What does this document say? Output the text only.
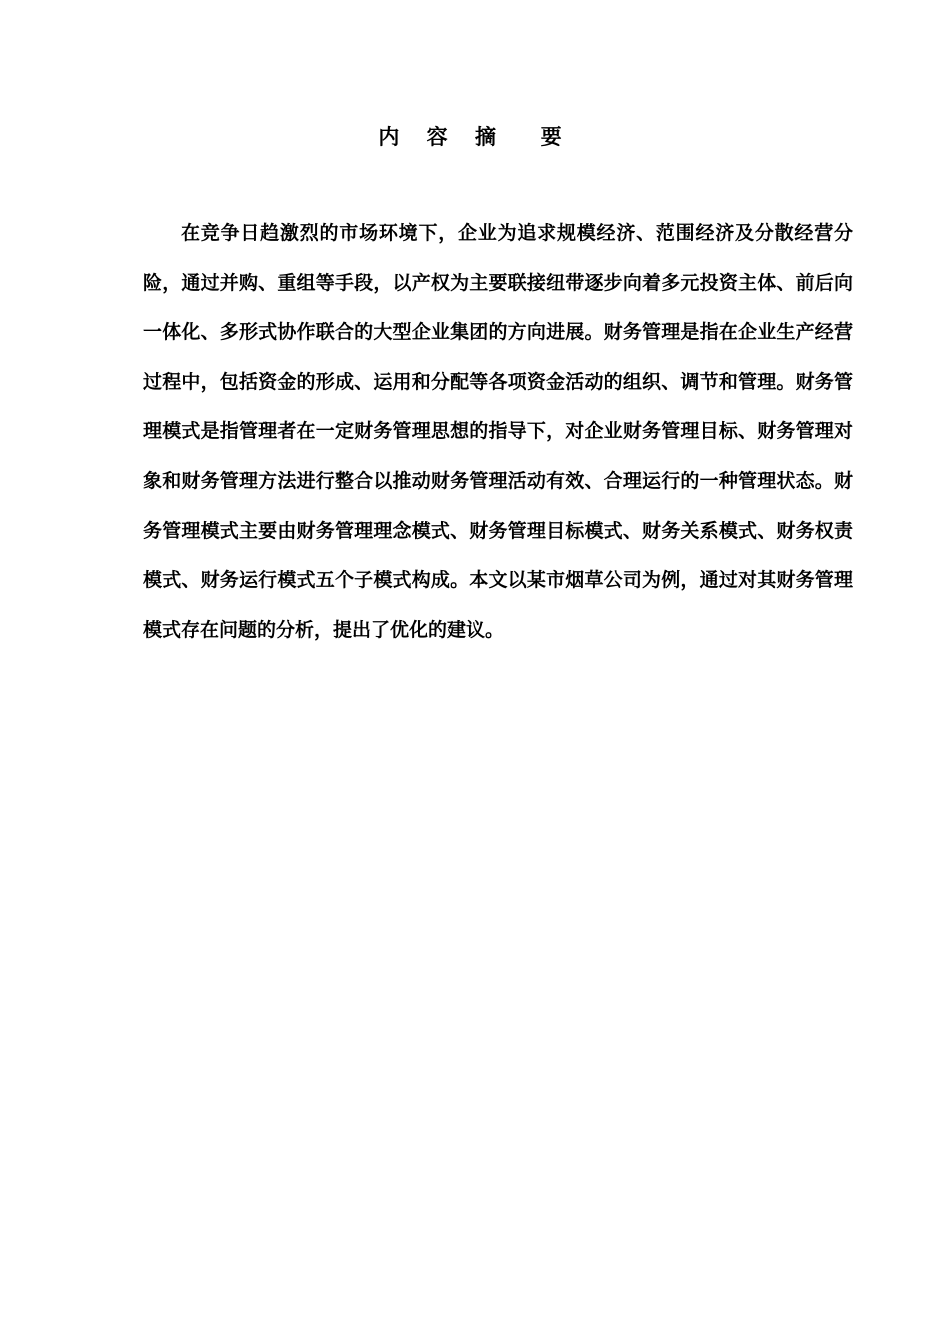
内 容 摘  要

在竞争日趋激烈的市场环境下，企业为追求规模经济、范围经济及分散经营分险，通过并购、重组等手段，以产权为主要联接纽带逐步向着多元投资主体、前后向一体化、多形式协作联合的大型企业集团的方向进展。财务管理是指在企业生产经营过程中，包括资金的形成、运用和分配等各项资金活动的组织、调节和管理。财务管理模式是指管理者在一定财务管理思想的指导下，对企业财务管理目标、财务管理对象和财务管理方法进行整合以推动财务管理活动有效、合理运行的一种管理状态。财务管理模式主要由财务管理理念模式、财务管理目标模式、财务关系模式、财务权责模式、财务运行模式五个子模式构成。本文以某市烟草公司为例，通过对其财务管理模式存在问题的分析，提出了优化的建议。
